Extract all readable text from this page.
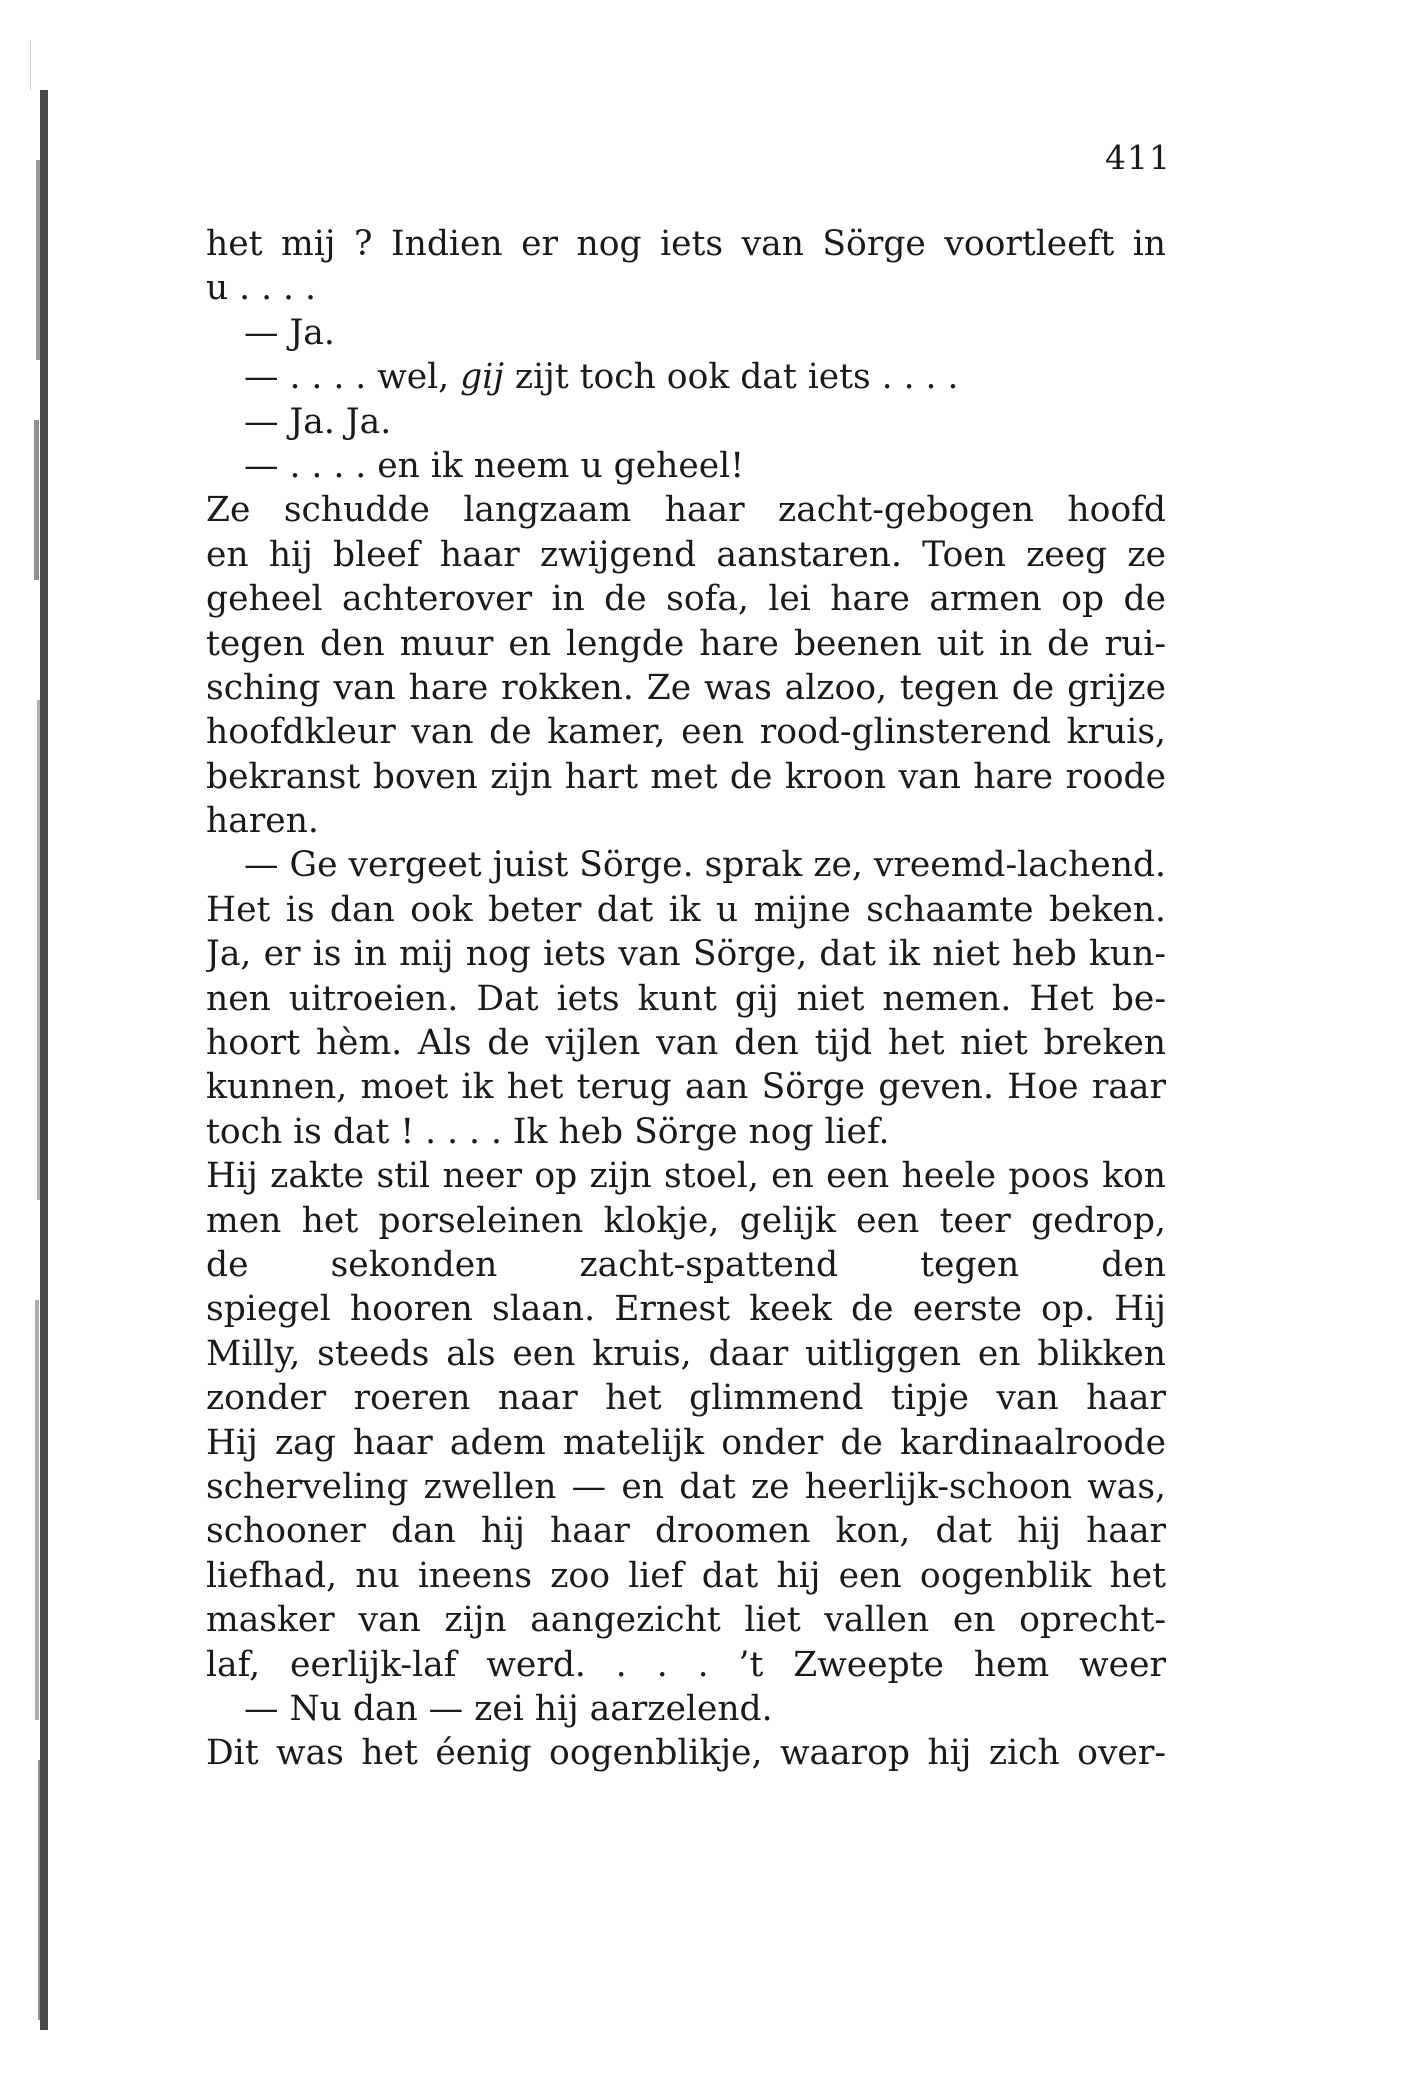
411

het mij ? Indien er nog iets van Sörge voortleeft in
u . . . .
— Ja.
— . . . . wel, gij zijt toch ook dat iets . . . .
— Ja. Ja.
— . . . . en ik neem u geheel!
Ze schudde langzaam haar zacht-gebogen hoofd
en hij bleef haar zwijgend aanstaren. Toen zeeg ze
geheel achterover in de sofa, lei hare armen op de
tegen den muur en lengde hare beenen uit in de rui-
sching van hare rokken. Ze was alzoo, tegen de grijze
hoofdkleur van de kamer, een rood-glinsterend kruis,
bekranst boven zijn hart met de kroon van hare roode
haren.
— Ge vergeet juist Sörge. sprak ze, vreemd-lachend.
Het is dan ook beter dat ik u mijne schaamte beken.
Ja, er is in mij nog iets van Sörge, dat ik niet heb kun-
nen uitroeien. Dat iets kunt gij niet nemen. Het be-
hoort hèm. Als de vijlen van den tijd het niet breken
kunnen, moet ik het terug aan Sörge geven. Hoe raar
toch is dat ! . . . . Ik heb Sörge nog lief.
Hij zakte stil neer op zijn stoel, en een heele poos kon
men het porseleinen klokje, gelijk een teer gedrop,
de sekonden zacht-spattend tegen den
spiegel hooren slaan. Ernest keek de eerste op. Hij
Milly, steeds als een kruis, daar uitliggen en blikken
zonder roeren naar het glimmend tipje van haar
Hij zag haar adem matelijk onder de kardinaalroode
scherveling zwellen — en dat ze heerlijk-schoon was,
schooner dan hij haar droomen kon, dat hij haar
liefhad, nu ineens zoo lief dat hij een oogenblik het
masker van zijn aangezicht liet vallen en oprecht-
laf, eerlijk-laf werd. . . . ’t Zweepte hem weer
— Nu dan — zei hij aarzelend.
Dit was het éenig oogenblikje, waarop hij zich over-
